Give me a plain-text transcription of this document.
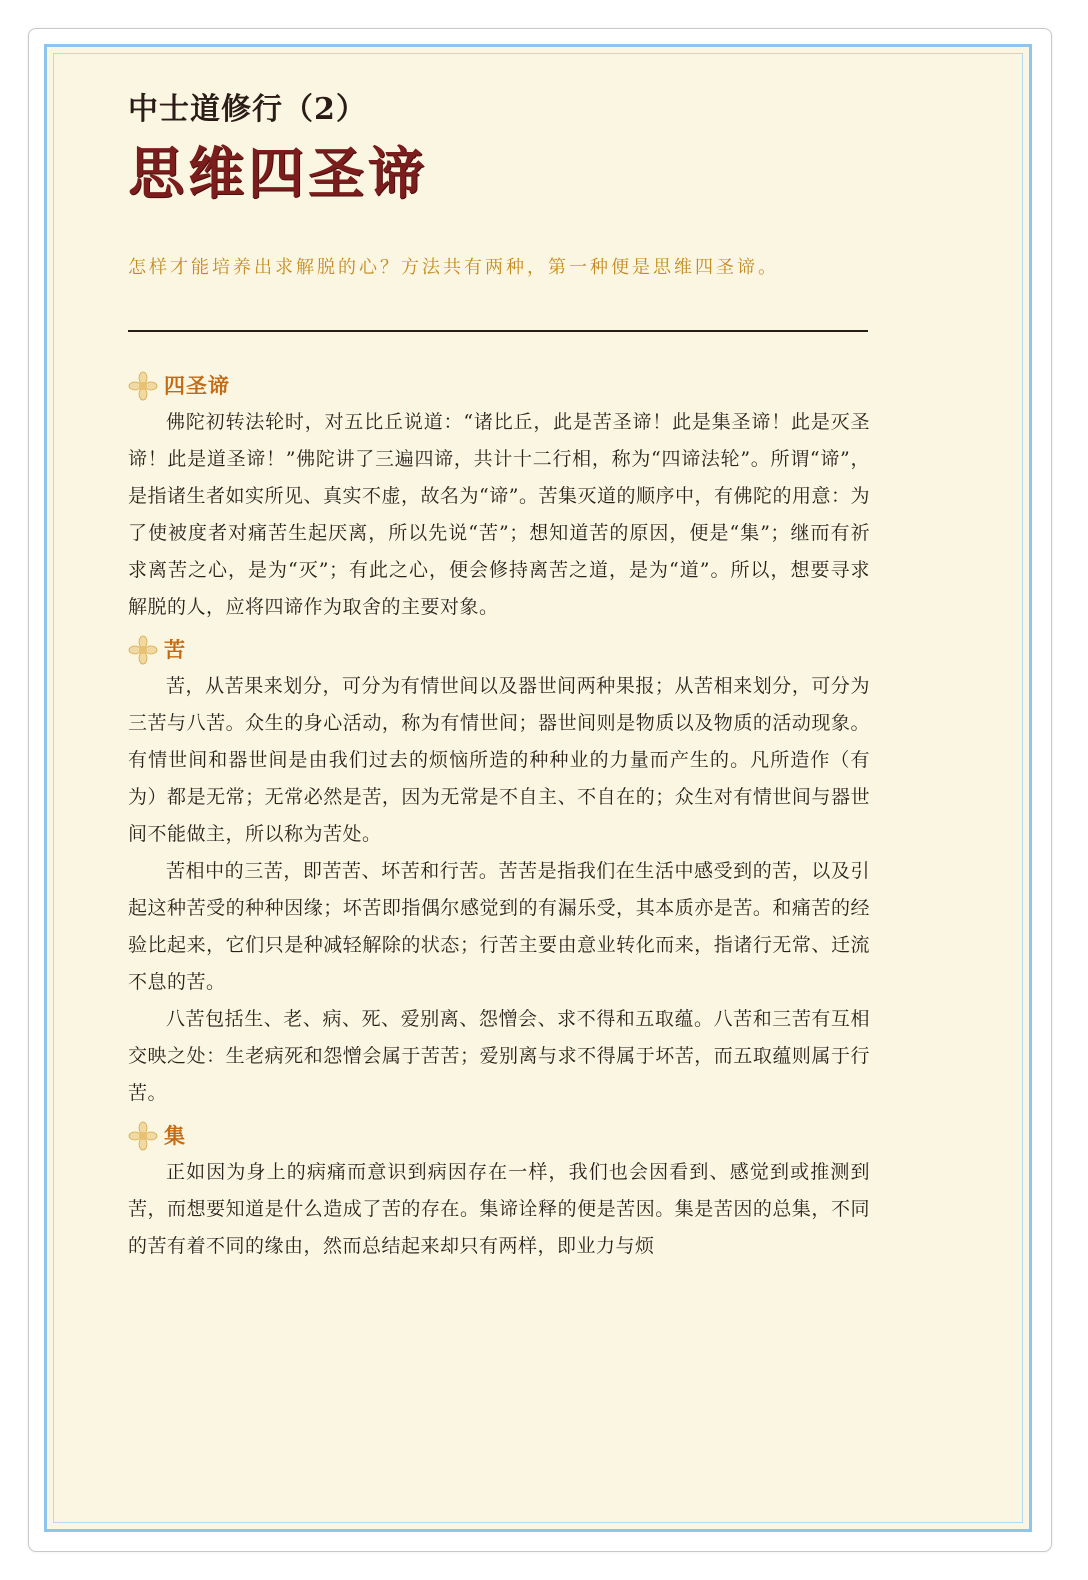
中士道修行（2）
思维四圣谛
怎样才能培养出求解脱的心？方法共有两种，第一种便是思维四圣谛。
四圣谛

佛陀初转法轮时，对五比丘说道：“诸比丘，此是苦圣谛！此是集圣谛！此是灭圣谛！此是道圣谛！”佛陀讲了三遍四谛，共计十二行相，称为“四谛法轮”。所谓“谛”，是指诸生者如实所见、真实不虚，故名为“谛”。苦集灭道的顺序中，有佛陀的用意：为了使被度者对痛苦生起厌离，所以先说“苦”；想知道苦的原因，便是“集”；继而有祈求离苦之心，是为“灭”；有此之心，便会修持离苦之道，是为“道”。所以，想要寻求解脱的人，应将四谛作为取舍的主要对象。

苦

苦，从苦果来划分，可分为有情世间以及器世间两种果报；从苦相来划分，可分为三苦与八苦。众生的身心活动，称为有情世间；器世间则是物质以及物质的活动现象。有情世间和器世间是由我们过去的烦恼所造的种种业的力量而产生的。凡所造作（有为）都是无常；无常必然是苦，因为无常是不自主、不自在的；众生对有情世间与器世间不能做主，所以称为苦处。

苦相中的三苦，即苦苦、坏苦和行苦。苦苦是指我们在生活中感受到的苦，以及引起这种苦受的种种因缘；坏苦即指偶尔感觉到的有漏乐受，其本质亦是苦。和痛苦的经验比起来，它们只是种减轻解除的状态；行苦主要由意业转化而来，指诸行无常、迁流不息的苦。

八苦包括生、老、病、死、爱别离、怨憎会、求不得和五取蕴。八苦和三苦有互相交映之处：生老病死和怨憎会属于苦苦；爱别离与求不得属于坏苦，而五取蕴则属于行苦。

集

正如因为身上的病痛而意识到病因存在一样，我们也会因看到、感觉到或推测到苦，而想要知道是什么造成了苦的存在。集谛诠释的便是苦因。集是苦因的总集，不同的苦有着不同的缘由，然而总结起来却只有两样，即业力与烦
